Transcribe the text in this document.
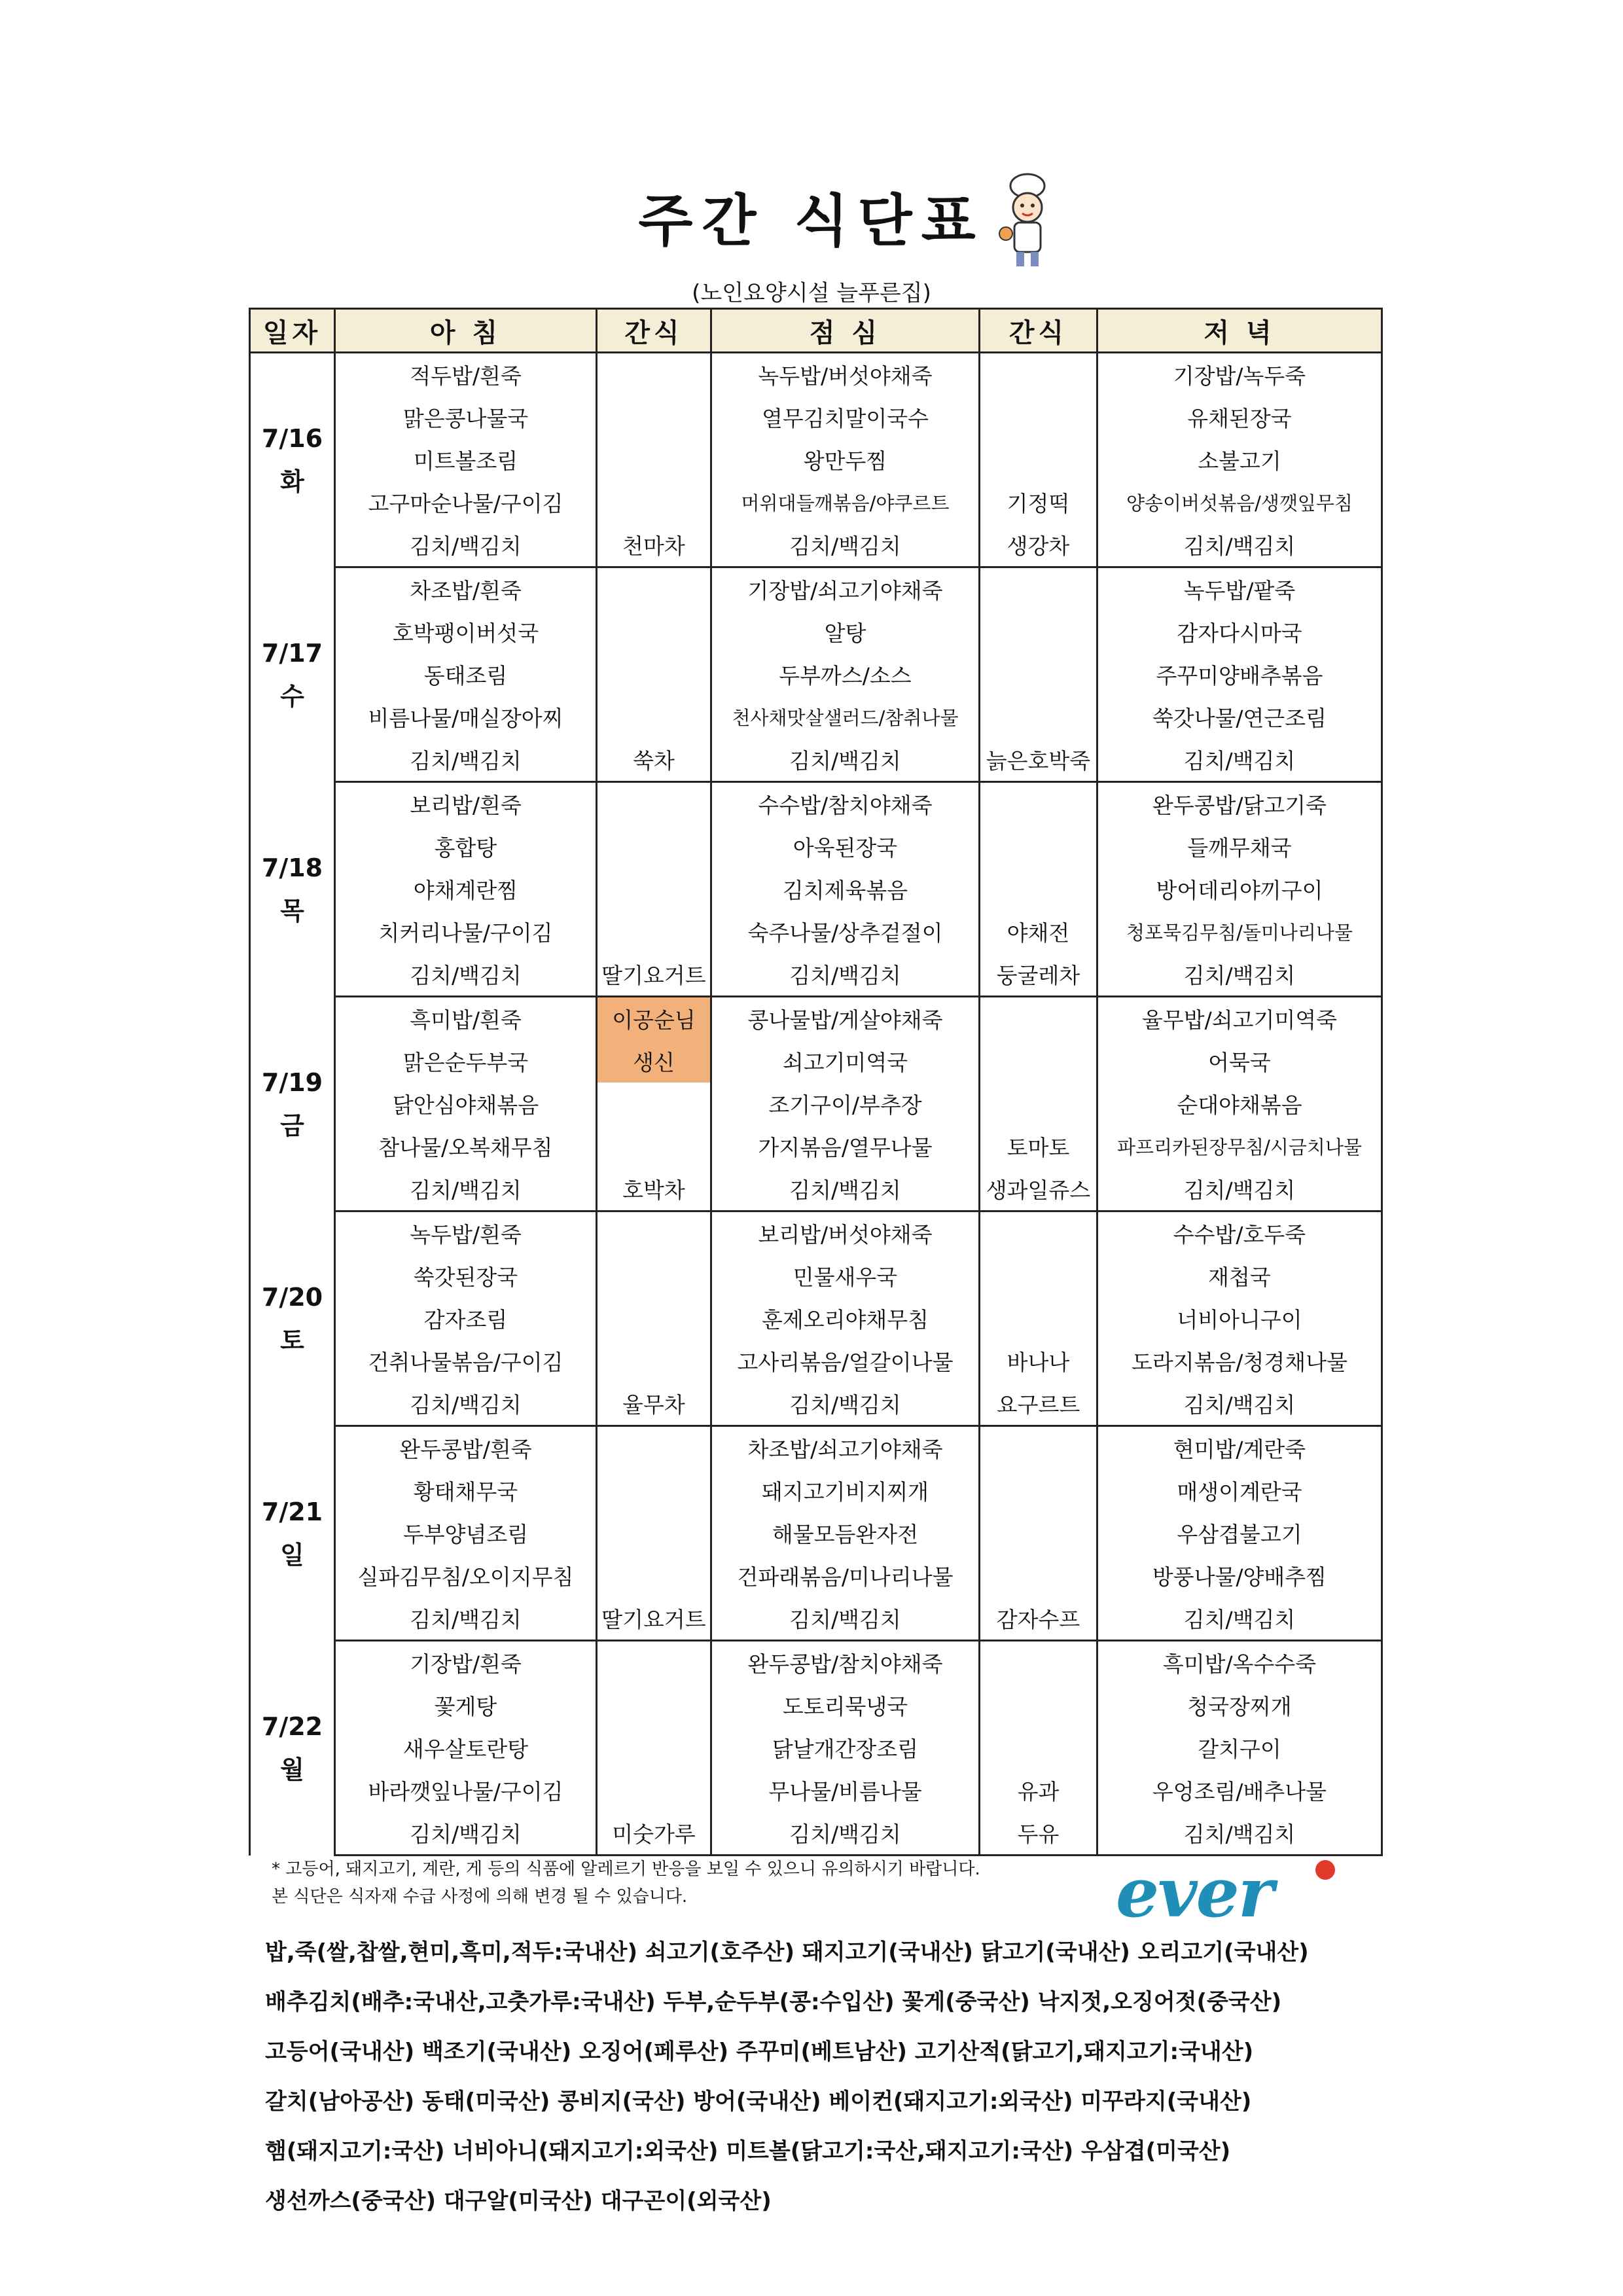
주간 식단표
(노인요양시설 늘푸른집)
일자	아 침	간식	점 심	간식	저 녁

7/16
화	적두밥/흰죽		녹두밥/버섯야채죽		기장밥/녹두죽
	맑은콩나물국		열무김치말이국수		유채된장국
	미트볼조림		왕만두찜		소불고기
	고구마순나물/구이김		머위대들깨볶음/야쿠르트	기정떡	양송이버섯볶음/생깻잎무침
	김치/백김치	천마차	김치/백김치	생강차	김치/백김치

7/17
수	차조밥/흰죽		기장밥/쇠고기야채죽		녹두밥/팥죽
	호박팽이버섯국		알탕		감자다시마국
	동태조림		두부까스/소스		주꾸미양배추볶음
	비름나물/매실장아찌		천사채맛살샐러드/참취나물		쑥갓나물/연근조림
	김치/백김치	쑥차	김치/백김치	늙은호박죽	김치/백김치

7/18
목	보리밥/흰죽		수수밥/참치야채죽		완두콩밥/닭고기죽
	홍합탕		아욱된장국		들깨무채국
	야채계란찜		김치제육볶음		방어데리야끼구이
	치커리나물/구이김		숙주나물/상추겉절이	야채전	청포묵김무침/돌미나리나물
	김치/백김치	딸기요거트	김치/백김치	둥굴레차	김치/백김치

7/19
금	흑미밥/흰죽	이공순님	콩나물밥/게살야채죽		율무밥/쇠고기미역죽
	맑은순두부국	생신	쇠고기미역국		어묵국
	닭안심야채볶음		조기구이/부추장		순대야채볶음
	참나물/오복채무침		가지볶음/열무나물	토마토	파프리카된장무침/시금치나물
	김치/백김치	호박차	김치/백김치	생과일쥬스	김치/백김치

7/20
토	녹두밥/흰죽		보리밥/버섯야채죽		수수밥/호두죽
	쑥갓된장국		민물새우국		재첩국
	감자조림		훈제오리야채무침		너비아니구이
	건취나물볶음/구이김		고사리볶음/얼갈이나물	바나나	도라지볶음/청경채나물
	김치/백김치	율무차	김치/백김치	요구르트	김치/백김치

7/21
일	완두콩밥/흰죽		차조밥/쇠고기야채죽		현미밥/계란죽
	황태채무국		돼지고기비지찌개		매생이계란국
	두부양념조림		해물모듬완자전		우삼겹불고기
	실파김무침/오이지무침		건파래볶음/미나리나물		방풍나물/양배추찜
	김치/백김치	딸기요거트	김치/백김치	감자수프	김치/백김치

7/22
월	기장밥/흰죽		완두콩밥/참치야채죽		흑미밥/옥수수죽
	꽃게탕		도토리묵냉국		청국장찌개
	새우살토란탕		닭날개간장조림		갈치구이
	바라깻잎나물/구이김		무나물/비름나물	유과	우엉조림/배추나물
	김치/백김치	미숫가루	김치/백김치	두유	김치/백김치
* 고등어, 돼지고기, 계란, 게 등의 식품에 알레르기 반응을 보일 수 있으니 유의하시기 바랍니다.
본 식단은 식자재 수급 사정에 의해 변경 될 수 있습니다.	ever
밥,죽(쌀,찹쌀,현미,흑미,적두:국내산) 쇠고기(호주산) 돼지고기(국내산) 닭고기(국내산) 오리고기(국내산)
배추김치(배추:국내산,고춧가루:국내산) 두부,순두부(콩:수입산) 꽃게(중국산) 낙지젓,오징어젓(중국산)
고등어(국내산) 백조기(국내산) 오징어(페루산) 주꾸미(베트남산) 고기산적(닭고기,돼지고기:국내산)
갈치(남아공산) 동태(미국산) 콩비지(국산) 방어(국내산) 베이컨(돼지고기:외국산) 미꾸라지(국내산)
햄(돼지고기:국산) 너비아니(돼지고기:외국산) 미트볼(닭고기:국산,돼지고기:국산) 우삼겹(미국산)
생선까스(중국산) 대구알(미국산) 대구곤이(외국산)
